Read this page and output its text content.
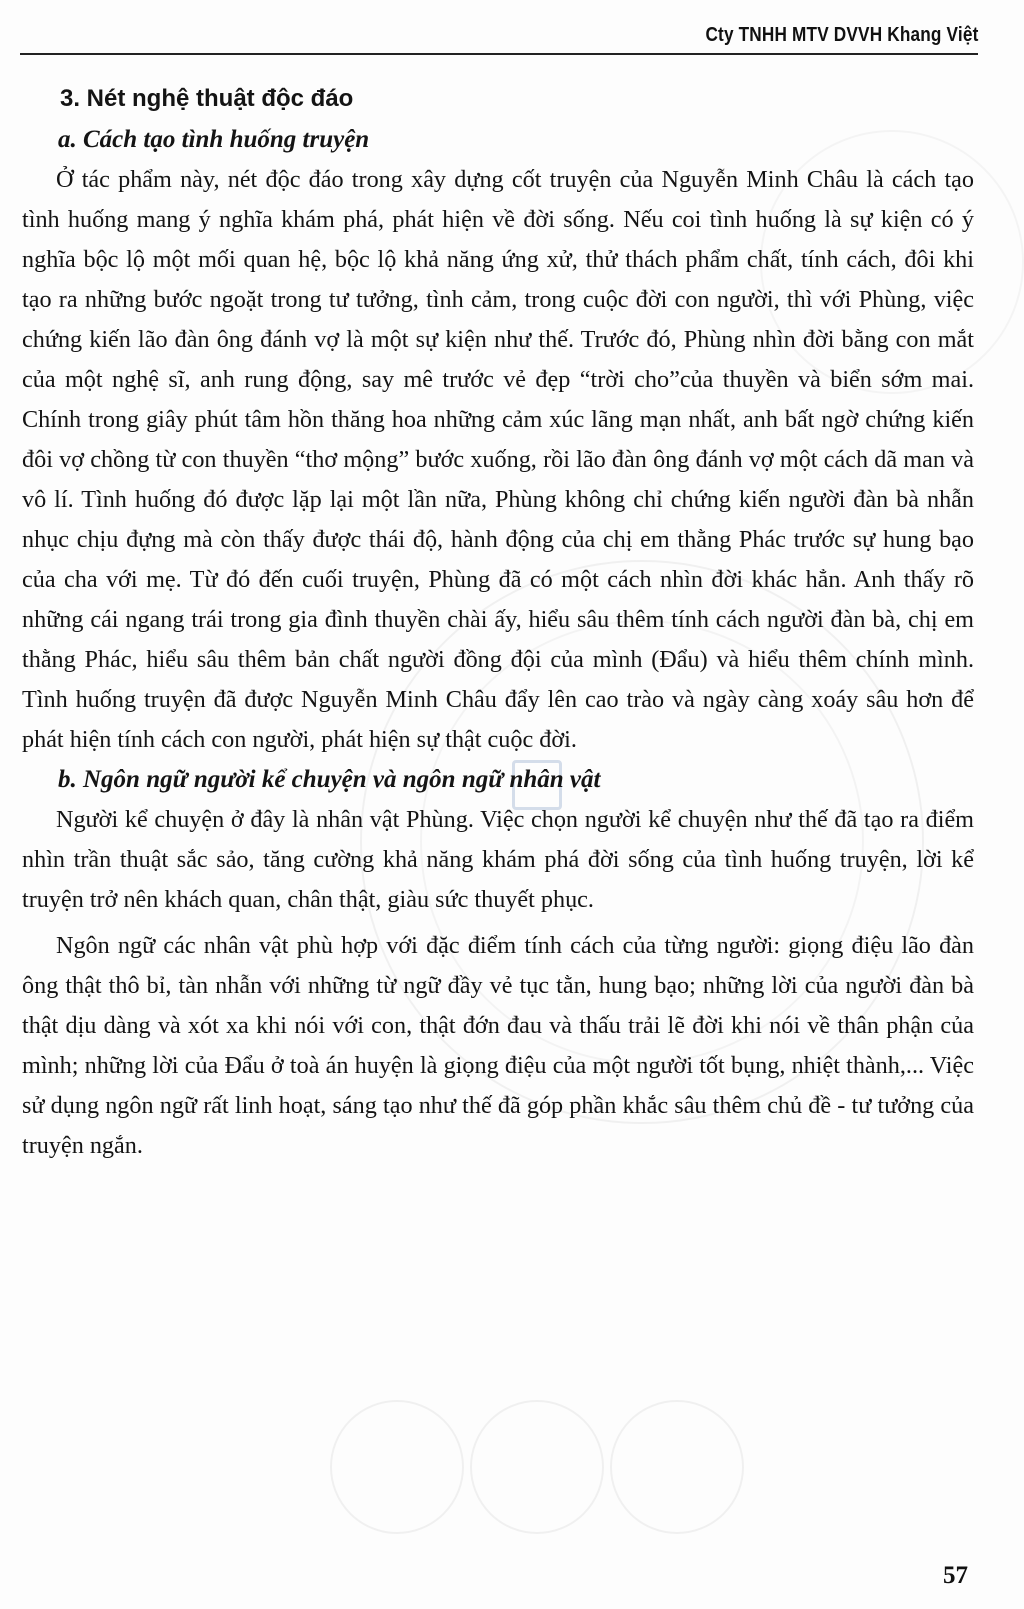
Cty TNHH MTV DVVH Khang Việt
3. Nét nghệ thuật độc đáo
a. Cách tạo tình huống truyện

Ở tác phẩm này, nét độc đáo trong xây dựng cốt truyện của Nguyễn Minh Châu là cách tạo tình huống mang ý nghĩa khám phá, phát hiện về đời sống. Nếu coi tình huống là sự kiện có ý nghĩa bộc lộ một mối quan hệ, bộc lộ khả năng ứng xử, thử thách phẩm chất, tính cách, đôi khi tạo ra những bước ngoặt trong tư tưởng, tình cảm, trong cuộc đời con người, thì với Phùng, việc chứng kiến lão đàn ông đánh vợ là một sự kiện như thế. Trước đó, Phùng nhìn đời bằng con mắt của một nghệ sĩ, anh rung động, say mê trước vẻ đẹp “trời cho”của thuyền và biển sớm mai. Chính trong giây phút tâm hồn thăng hoa những cảm xúc lãng mạn nhất, anh bất ngờ chứng kiến đôi vợ chồng từ con thuyền “thơ mộng” bước xuống, rồi lão đàn ông đánh vợ một cách dã man và vô lí. Tình huống đó được lặp lại một lần nữa, Phùng không chỉ chứng kiến người đàn bà nhẫn nhục chịu đựng mà còn thấy được thái độ, hành động của chị em thằng Phác trước sự hung bạo của cha với mẹ. Từ đó đến cuối truyện, Phùng đã có một cách nhìn đời khác hẳn. Anh thấy rõ những cái ngang trái trong gia đình thuyền chài ấy, hiểu sâu thêm tính cách người đàn bà, chị em thằng Phác, hiểu sâu thêm bản chất người đồng đội của mình (Đẩu) và hiểu thêm chính mình. Tình huống truyện đã được Nguyễn Minh Châu đẩy lên cao trào và ngày càng xoáy sâu hơn để phát hiện tính cách con người, phát hiện sự thật cuộc đời.

b. Ngôn ngữ người kể chuyện và ngôn ngữ nhân vật

Người kể chuyện ở đây là nhân vật Phùng. Việc chọn người kể chuyện như thế đã tạo ra điểm nhìn trần thuật sắc sảo, tăng cường khả năng khám phá đời sống của tình huống truyện, lời kể truyện trở nên khách quan, chân thật, giàu sức thuyết phục.

Ngôn ngữ các nhân vật phù hợp với đặc điểm tính cách của từng người: giọng điệu lão đàn ông thật thô bỉ, tàn nhẫn với những từ ngữ đầy vẻ tục tằn, hung bạo; những lời của người đàn bà thật dịu dàng và xót xa khi nói với con, thật đớn đau và thấu trải lẽ đời khi nói về thân phận của mình; những lời của Đẩu ở toà án huyện là giọng điệu của một người tốt bụng, nhiệt thành,... Việc sử dụng ngôn ngữ rất linh hoạt, sáng tạo như thế đã góp phần khắc sâu thêm chủ đề - tư tưởng của truyện ngắn.

57
